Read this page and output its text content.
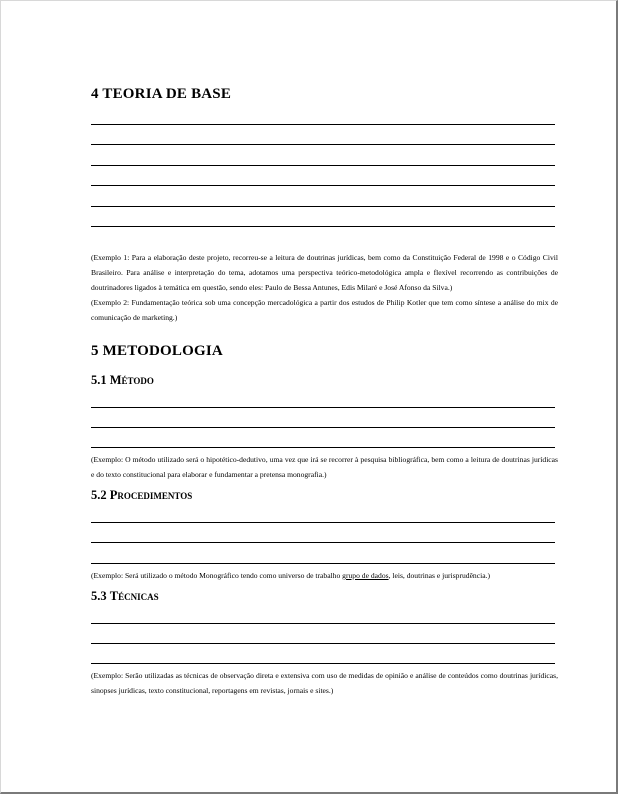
4 TEORIA DE BASE

(Exemplo 1: Para a elaboração deste projeto, recorreu-se a leitura de doutrinas jurídicas, bem como da Constituição Federal de 1998 e o Código Civil Brasileiro. Para análise e interpretação do tema, adotamos uma perspectiva teórico-metodológica ampla e flexível recorrendo as contribuições de doutrinadores ligados à temática em questão, sendo eles: Paulo de Bessa Antunes, Edis Milaré e José Afonso da Silva.)

(Exemplo 2: Fundamentação teórica sob uma concepção mercadológica a partir dos estudos de Philip Kotler que tem como síntese a análise do mix de comunicação de marketing.)

5 METODOLOGIA
5.1 Método

(Exemplo: O método utilizado será o hipotético-dedutivo, uma vez que irá se recorrer à pesquisa bibliográfica, bem como a leitura de doutrinas jurídicas e do texto constitucional para elaborar e fundamentar a pretensa monografia.)

5.2 Procedimentos

(Exemplo: Será utilizado o método Monográfico tendo como universo de trabalho grupo de dados, leis, doutrinas e jurisprudência.)

5.3 Técnicas

(Exemplo: Serão utilizadas as técnicas de observação direta e extensiva com uso de medidas de opinião e análise de conteúdos como doutrinas jurídicas, sinopses jurídicas, texto constitucional, reportagens em revistas, jornais e sites.)
